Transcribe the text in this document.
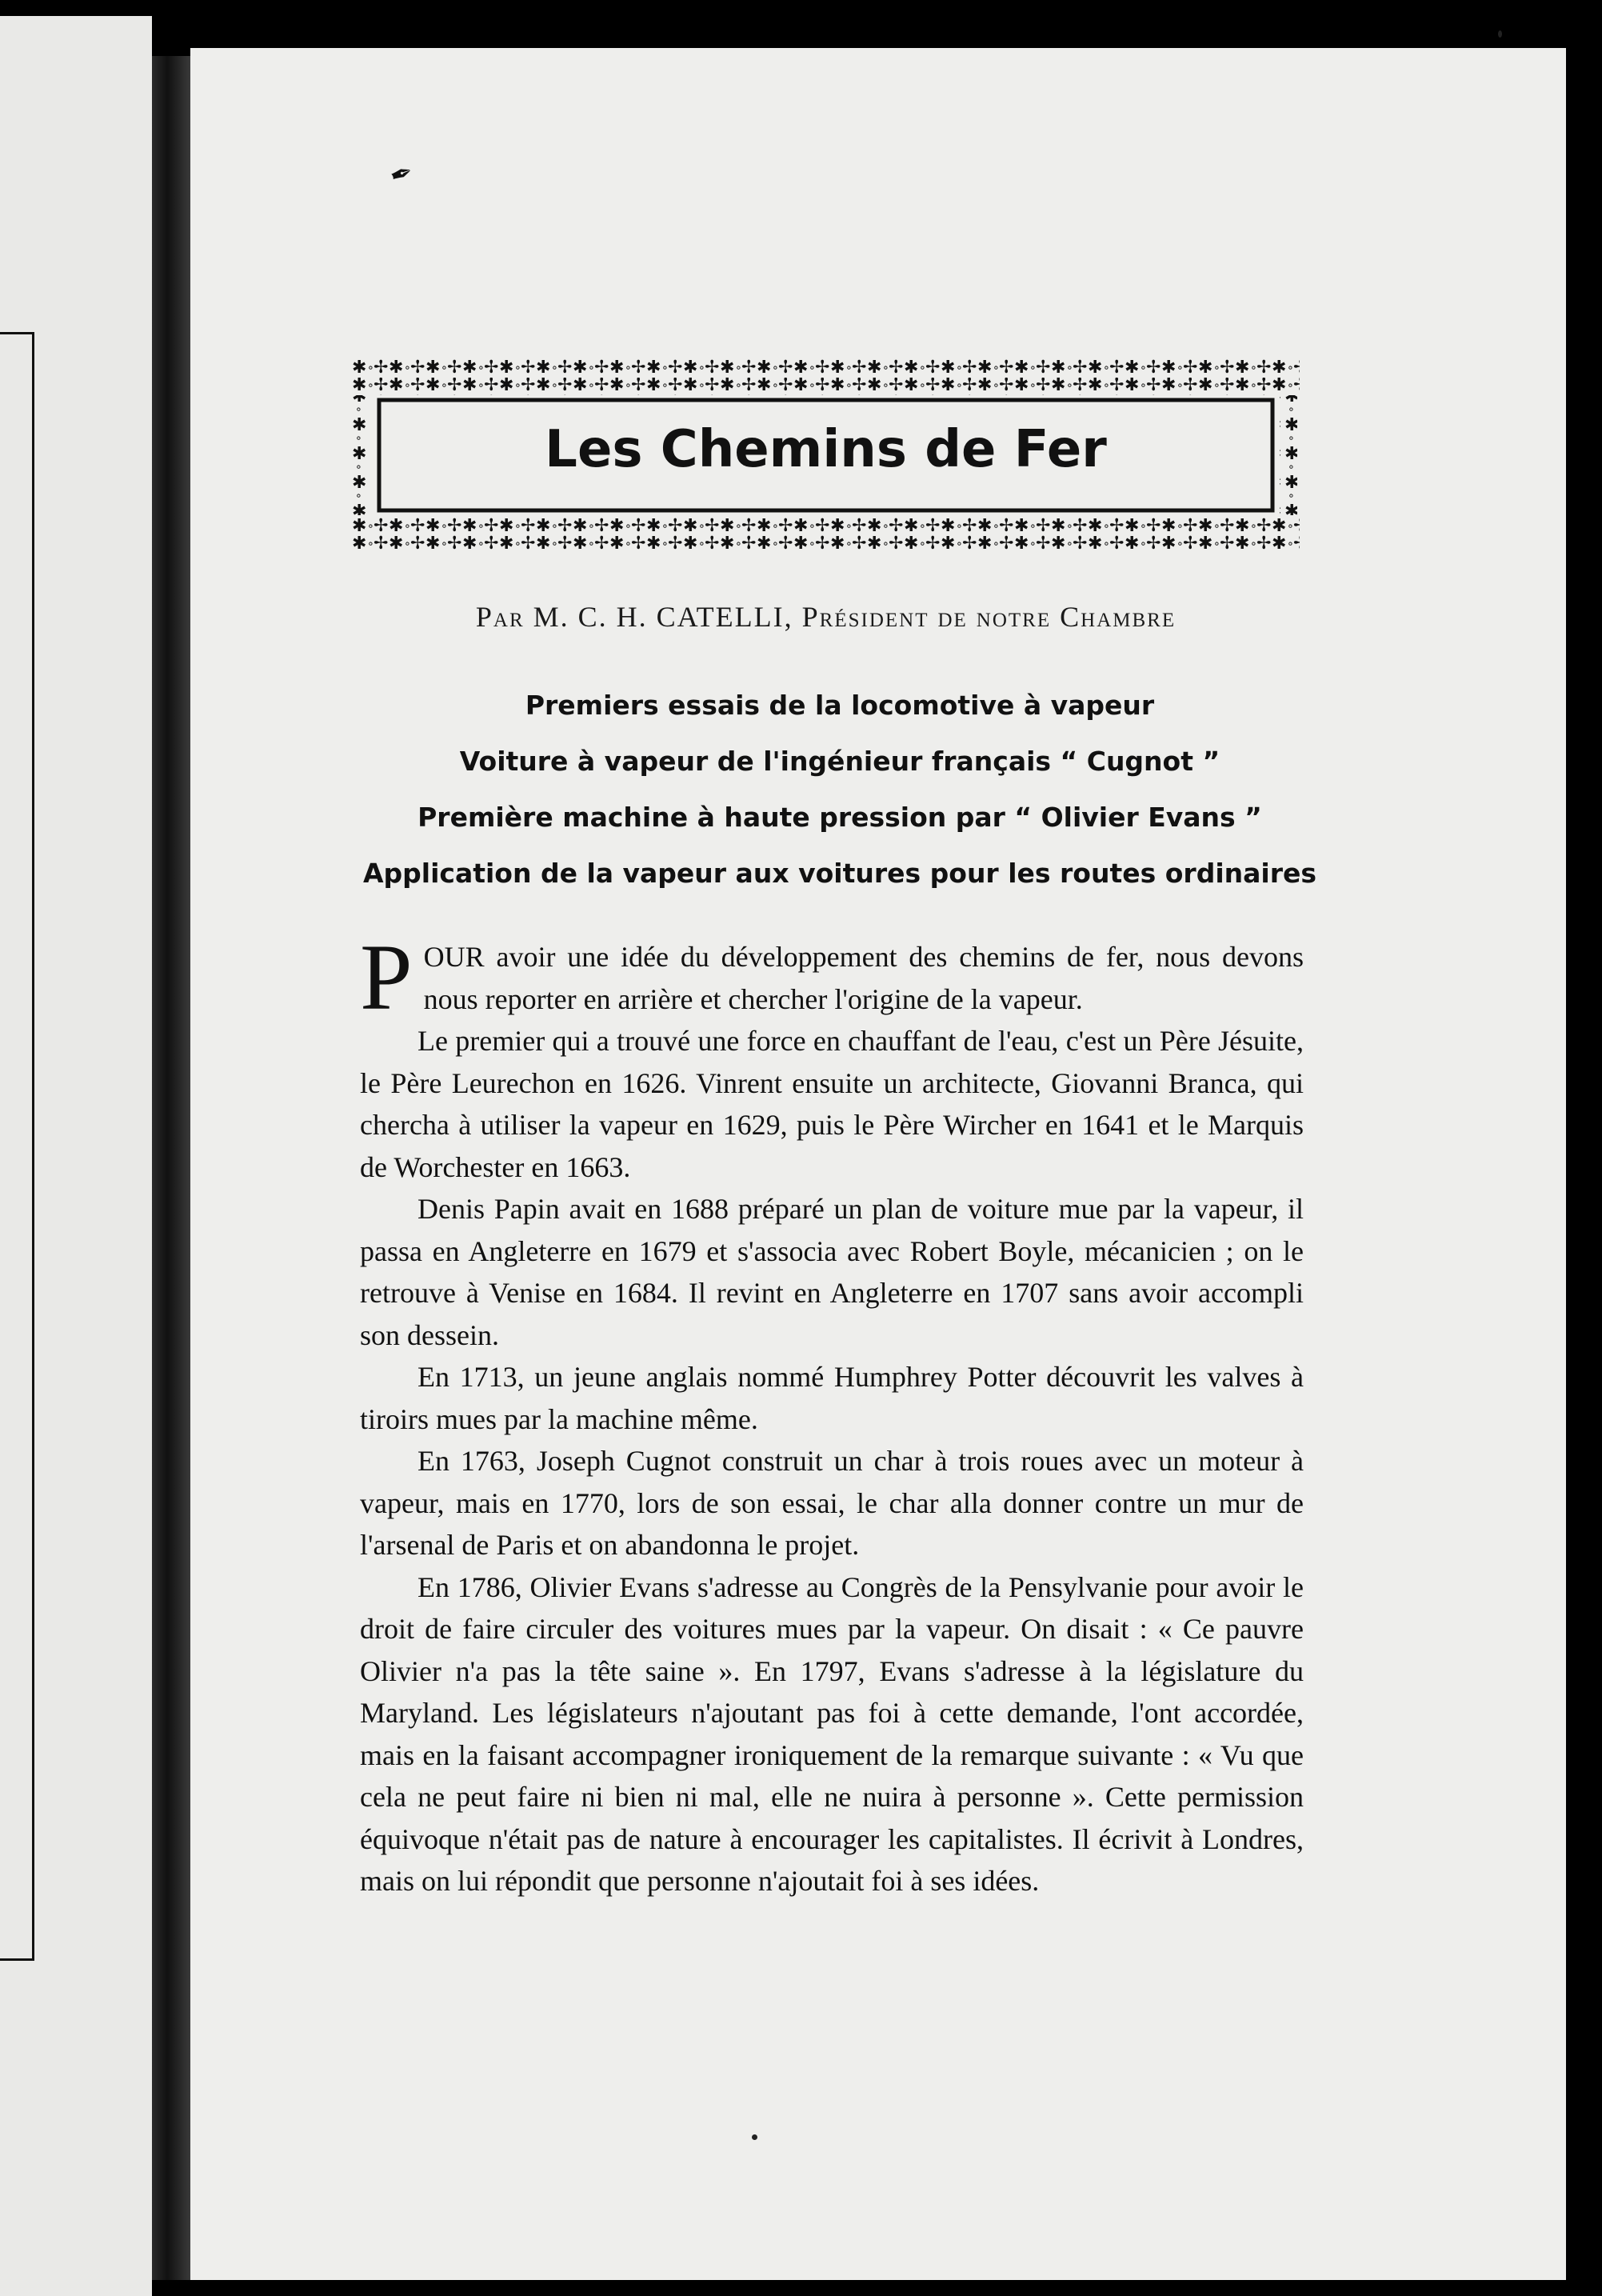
✒
Les Chemins de Fer
Par M. C. H. CATELLI, Président de notre Chambre
Premiers essais de la locomotive à vapeur
Voiture à vapeur de l'ingénieur français “ Cugnot ”
Première machine à haute pression par “ Olivier Evans ”
Application de la vapeur aux voitures pour les routes ordinaires

POUR avoir une idée du développement des chemins de fer, nous devons nous reporter en arrière et chercher l'origine de la vapeur.

Le premier qui a trouvé une force en chauffant de l'eau, c'est un Père Jésuite, le Père Leurechon en 1626. Vinrent ensuite un architecte, Giovanni Branca, qui chercha à utiliser la vapeur en 1629, puis le Père Wircher en 1641 et le Marquis de Worchester en 1663.

Denis Papin avait en 1688 préparé un plan de voiture mue par la vapeur, il passa en Angleterre en 1679 et s'associa avec Robert Boyle, mécanicien ; on le retrouve à Venise en 1684. Il revint en Angleterre en 1707 sans avoir accompli son dessein.

En 1713, un jeune anglais nommé Humphrey Potter découvrit les valves à tiroirs mues par la machine même.

En 1763, Joseph Cugnot construit un char à trois roues avec un moteur à vapeur, mais en 1770, lors de son essai, le char alla donner contre un mur de l'arsenal de Paris et on abandonna le projet.

En 1786, Olivier Evans s'adresse au Congrès de la Pensylvanie pour avoir le droit de faire circuler des voitures mues par la vapeur. On disait : « Ce pauvre Olivier n'a pas la tête saine ». En 1797, Evans s'adresse à la législature du Maryland. Les législateurs n'ajoutant pas foi à cette demande, l'ont accordée, mais en la faisant accompagner ironiquement de la remarque suivante : « Vu que cela ne peut faire ni bien ni mal, elle ne nuira à personne ». Cette permission équivoque n'était pas de nature à encourager les capitalistes. Il écrivit à Londres, mais on lui répondit que personne n'ajoutait foi à ses idées.
